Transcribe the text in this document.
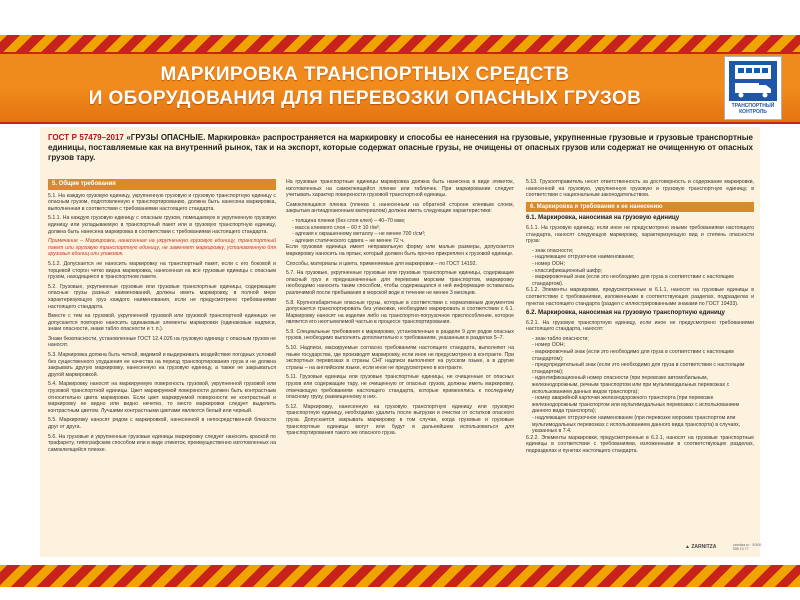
МАРКИРОВКА ТРАНСПОРТНЫХ СРЕДСТВ
И ОБОРУДОВАНИЯ ДЛЯ ПЕРЕВОЗКИ ОПАСНЫХ ГРУЗОВ	ТРАНСПОРТНЫЙ КОНТРОЛЬ
ГОСТ Р 57479–2017 «ГРУЗЫ ОПАСНЫЕ. Маркировка» распространяется на маркировку и способы ее нанесения на грузовые, укрупненные грузовые и грузовые транспортные единицы, поставляемые как на внутренний рынок, так и на экспорт, которые содержат опасные грузы, не очищены от опасных грузов или содержат не очищенную от опасных грузов тару.
5. Общие требования

5.1. На каждую грузовую единицу, укрупненную грузовую и грузовую транспортную единицу с опасным грузом, подготовленную к транспортированию, должна быть нанесена маркировка, выполненная в соответствии с требованиями настоящего стандарта.

5.1.1. На каждую грузовую единицу с опасным грузом, помещаемую в укрупненную грузовую единицу или укладываемую в транспортный пакет или в грузовую транспортную единицу, должна быть нанесена маркировка в соответствии с требованиями настоящего стандарта.

Примечание – Маркировка, нанесенная на укрупненную грузовую единицу, транспортный пакет или грузовую транспортную единицу, не заменяет маркировку, установленную для грузовых единиц или упаковок.

5.1.2. Допускается не наносить маркировку на транспортный пакет, если с его боковой и торцевой сторон четко видна маркировка, нанесенная на все грузовые единицы с опасным грузом, находящиеся в транспортном пакете.

5.2. Грузовые, укрупненные грузовые или грузовые транспортные единицы, содержащие опасные грузы разных наименований, должны иметь маркировку, в полной мере характеризующую груз каждого наименования, если не предусмотрено требованиями настоящего стандарта.

Вместе с тем на грузовой, укрупненной грузовой или грузовой транспортной единицах не допускается повторно наносить одинаковые элементы маркировки (одинаковые надписи, знаки опасности, знаки табло опасности и т. п.).

Знаки безопасности, установленные ГОСТ 12.4.026 на грузовую единицу с опасным грузом не наносят.

5.3. Маркировка должна быть четкой, видимой и выдерживать воздействие погодных условий без существенного ухудшения ее качества на период транспортирования груза и не должна закрывать другую маркировку, нанесенную на грузовую единицу, а также не закрываться другой маркировкой.

5.4. Маркировку наносят на маркируемую поверхность грузовой, укрупненной грузовой или грузовой транспортной единицы. Цвет маркируемой поверхности должен быть контрастным относительно цвета маркировки. Если цвет маркируемой поверхности не контрастный и маркировку не видно или видно нечетко, то место маркировки следует выделить контрастным цветом. Лучшими контрастными цветами являются белый или черный.

5.5. Маркировку наносят рядом с маркировкой, нанесенной в непосредственной близости друг от друга.

5.6. На грузовые и укрупненные грузовые единицы маркировку следует наносить краской по трафарету, типографским способом или в виде этикеток, преимущественно изготовленных на самоклеящейся пленке.

На грузовые транспортные единицы маркировка должна быть нанесена в виде этикеток, изготовленных на самоклеящейся пленке или табличек. При маркировании следует учитывать характер поверхности грузовой транспортной единицы.

Самоклеящаяся пленка (пленка с нанесенным на обратной стороне клеевым слоем, закрытым антиадгезионным материалом) должна иметь следующие характеристики:

- толщина пленки (без слоя клея) – 40–70 мкм;
- масса клеевого слоя – 60 ± 10 г/м²;
- адгезия к окрашенному металлу – не менее 700 г/см²;
- адгезия статического сдвига – не менее 72 ч.

Если грузовая единица имеет неправильную форму или малые размеры, допускается маркировку наносить на ярлык, который должен быть прочно прикреплен к грузовой единице.

Способы, материалы и цвета, применяемые для маркировки – по ГОСТ 14192.

5.7. На грузовые, укрупненные грузовые или грузовые транспортные единицы, содержащие опасный груз и предназначенные для перевозки морским транспортом, маркировку необходимо наносить таким способом, чтобы содержащаяся в ней информация оставалась различимой после пребывания в морской воде в течение не менее 3 месяцев.

5.8. Крупногабаритные опасные грузы, которые в соответствии с нормативным документом допускается транспортировать без упаковки, необходимо маркировать в соответствии с 6.1. Маркировку наносят на изделие либо на транспортно-погрузочное приспособление, которое является его неотъемлемой частью в процессе транспортирования.

5.9. Специальные требования к маркировке, установленные в разделе 9 для родов опасных грузов, необходимо выполнять дополнительно к требованиям, указанным в разделах 5–7.

5.10. Надписи, маскируемые согласно требованиям настоящего стандарта, выполняют на языке государства, где производят маркировку, если иное не предусмотрено в контракте. При экспортных перевозках в страны СНГ надписи выполняют на русском языке, а в другие страны – на английском языке, если иное не предусмотрено в контракте.

5.11. Грузовые единицы или грузовые транспортные единицы, не очищенные от опасных грузов или содержащие тару, не очищенную от опасных грузов, должны иметь маркировку, отвечающую требованиям настоящего стандарта, которые применялись к последнему опасному грузу, размещенному в них.

5.12. Маркировку, нанесенную на грузовую транспортную единицу или грузовую транспортную единицу, необходимо удалить после выгрузки и очистки от остатков опасного груза. Допускается закрывать маркировку в том случае, когда грузовые и грузовые транспортные единицы могут или будут в дальнейшем использоваться для транспортирования такого же опасного груза.

5.13. Грузоотправитель несет ответственность за достоверность и содержание маркировки, нанесенной на грузовую, укрупненную грузовую и грузовую транспортную единицу, в соответствии с национальным законодательством.

6. Маркировка и требования к ее нанесению
6.1. Маркировка, наносимая на грузовую единицу

6.1.1. На грузовую единицу, если иное не предусмотрено иными требованиями настоящего стандарта, наносят следующую маркировку, характеризующую вид и степень опасности груза:

- знак опасности;
- надлежащее отгрузочное наименование;
- номер ООН;
- классификационный шифр;
- маркировочный знак (если это необходимо для груза в соответствии с настоящим стандартом).

6.1.2. Элементы маркировки, предусмотренные в 6.1.1, наносят на грузовые единицы в соответствии с требованиями, изложенными в соответствующих разделах, подразделах и пунктах настоящего стандарта (раздел с иллюстрированными знаками по ГОСТ 19433).

6.2. Маркировка, наносимая на грузовую транспортную единицу

6.2.1. На грузовую транспортную единицу, если иное не предусмотрено требованиями настоящего стандарта, наносят:

- знак-табло опасности;
- номер ООН;
- маркировочный знак (если это необходимо для груза в соответствии с настоящим стандартом);
- предупредительный знак (если это необходимо для груза в соответствии с настоящим стандартом);
- идентификационный номер опасности (при перевозке автомобильным, железнодорожным, речным транспортом или при мультимодальных перевозках с использованием данных видов транспорта);
- номер аварийной карточки железнодорожного транспорта (при перевозке железнодорожным транспортом или мультимодальных перевозках с использованием данного вида транспорта);
- надлежащее отгрузочное наименование (при перевозке морским транспортом или мультимодальных перевозках с использованием данного вида транспорта) в случаях, указанных в 7.4.

6.2.2. Элементы маркировки, предусмотренные в 6.2.1, наносят на грузовые транспортные единицы в соответствии с требованиями, изложенными в соответствующих разделах, подразделах и пунктах настоящего стандарта.

▲ ZARNITZA	zarnitza.ru · 8 800 555 10 77
